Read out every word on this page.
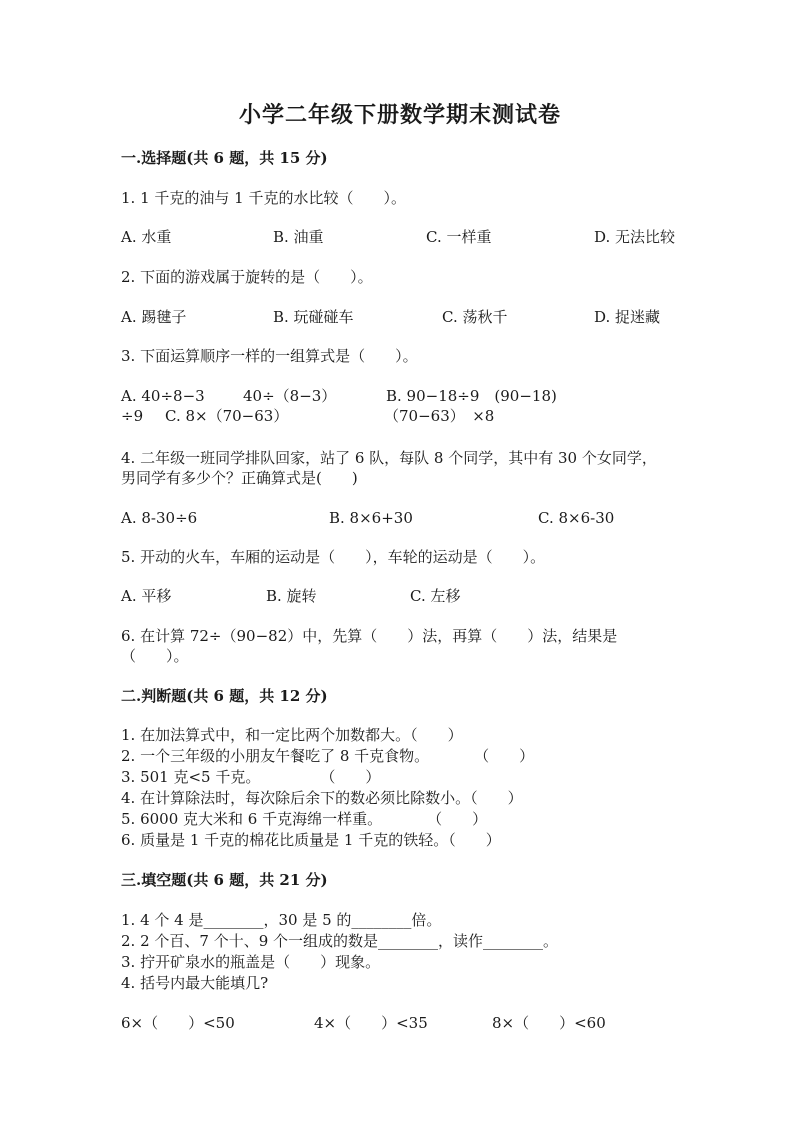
小学二年级下册数学期末测试卷
一.选择题(共 6 题，共 15 分)
1. 1 千克的油与 1 千克的水比较（　　）。
A. 水重	B. 油重	C. 一样重	D. 无法比较
2. 下面的游戏属于旋转的是（　　）。
A. 踢毽子	B. 玩碰碰车	C. 荡秋千	D. 捉迷藏
3. 下面运算顺序一样的一组算式是（　　）。
A. 40÷8−3	40÷（8−3）	B. 90−18÷9　(90−18)
÷9 C. 8×（70−63）	（70−63）　×8
4. 二年级一班同学排队回家，站了 6 队，每队 8 个同学，其中有 30 个女同学，
男同学有多少个？正确算式是(　　)
A. 8-30÷6	B. 8×6+30	C. 8×6-30
5. 开动的火车，车厢的运动是（　　），车轮的运动是（　　）。
A. 平移	B. 旋转	C. 左移
6. 在计算 72÷（90−82）中，先算（　　）法，再算（　　）法，结果是
（　　）。
二.判断题(共 6 题，共 12 分)
1. 在加法算式中，和一定比两个加数都大。（　　）
2. 一个三年级的小朋友午餐吃了 8 千克食物。　　　　（　　）
3. 501 克<5 千克。　　　　　（　　）
4. 在计算除法时，每次除后余下的数必须比除数小。（　　）
5. 6000 克大米和 6 千克海绵一样重。　　　　（　　）
6. 质量是 1 千克的棉花比质量是 1 千克的铁轻。（　　）
三.填空题(共 6 题，共 21 分)
1. 4 个 4 是________，30 是 5 的________倍。
2. 2 个百、7 个十、9 个一组成的数是________，读作________。
3. 拧开矿泉水的瓶盖是（　　）现象。
4. 括号内最大能填几?
6×（　　）<50	4×（　　）<35	8×（　　）<60
